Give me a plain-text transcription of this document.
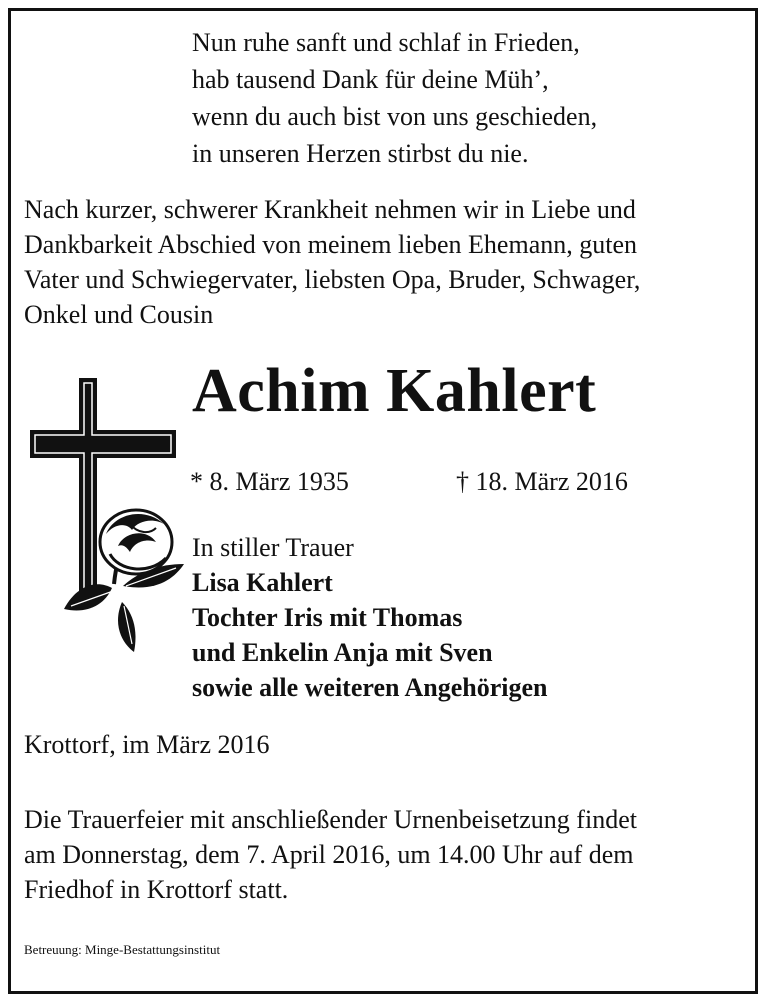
Nun ruhe sanft und schlaf in Frieden,
hab tausend Dank für deine Müh’,
wenn du auch bist von uns geschieden,
in unseren Herzen stirbst du nie.
Nach kurzer, schwerer Krankheit nehmen wir in Liebe und
Dankbarkeit Abschied von meinem lieben Ehemann, guten
Vater und Schwiegervater, liebsten Opa, Bruder, Schwager,
Onkel und Cousin
Achim Kahlert
* 8. März 1935	† 18. März 2016
In stiller Trauer
Lisa Kahlert
Tochter Iris mit Thomas
und Enkelin Anja mit Sven
sowie alle weiteren Angehörigen
Krottorf, im März 2016
Die Trauerfeier mit anschließender Urnenbeisetzung findet
am Donnerstag, dem 7. April 2016, um 14.00 Uhr auf dem
Friedhof in Krottorf statt.
Betreuung: Minge-Bestattungsinstitut
